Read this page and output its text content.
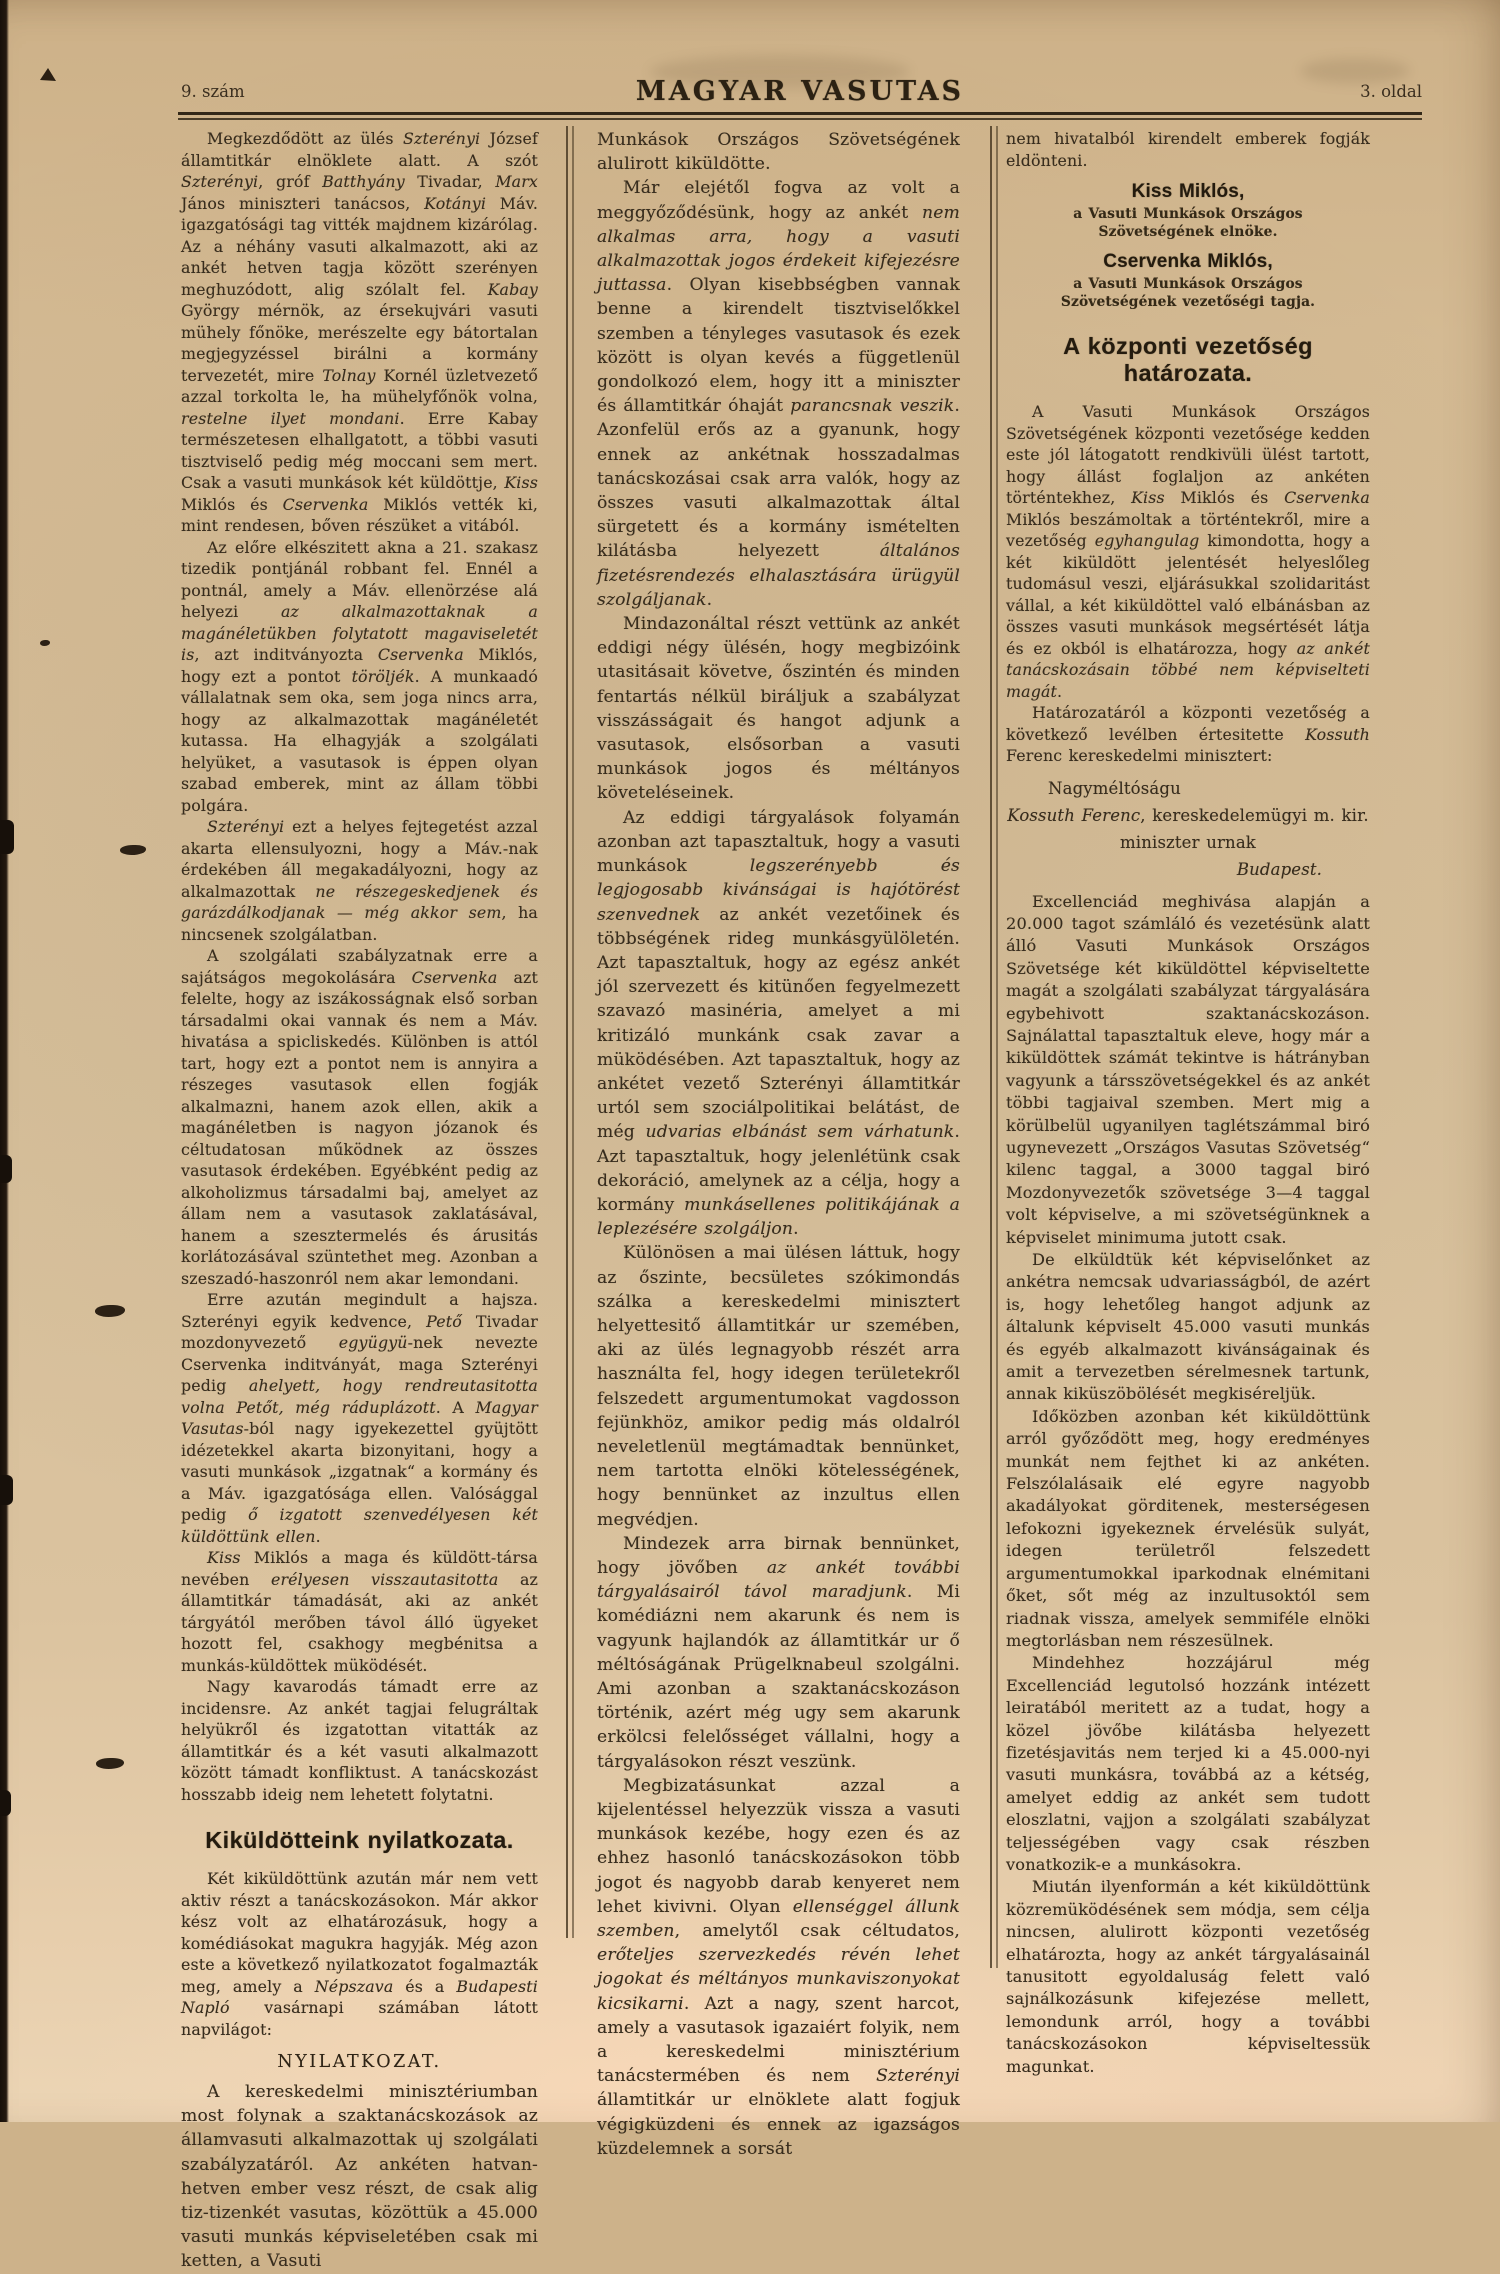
9. szám	MAGYAR VASUTAS	3. oldal

Megkezdődött az ülés Szterényi József államtitkár elnöklete alatt. A szót Szterényi, gróf Batthyány Tivadar, Marx János miniszteri tanácsos, Kotányi Máv. igazgatósági tag vitték majdnem kizárólag. Az a néhány vasuti alkalmazott, aki az ankét hetven tagja között szerényen meghuzódott, alig szólalt fel. Kabay György mérnök, az érsekujvári vasuti mühely főnöke, merészelte egy bátortalan megjegyzéssel birálni a kormány tervezetét, mire Tolnay Kornél üzletvezető azzal torkolta le, ha mühelyfőnök volna, restelne ilyet mondani. Erre Kabay természetesen elhallgatott, a többi vasuti tisztviselő pedig még moccani sem mert. Csak a vasuti munkások két küldöttje, Kiss Miklós és Cservenka Miklós vették ki, mint rendesen, bőven részüket a vitából.

Az előre elkészitett akna a 21. szakasz tizedik pontjánál robbant fel. Ennél a pontnál, amely a Máv. ellenörzése alá helyezi az alkalmazottaknak a magánéletükben folytatott magaviseletét is, azt inditványozta Cservenka Miklós, hogy ezt a pontot töröljék. A munkaadó vállalatnak sem oka, sem joga nincs arra, hogy az alkalmazottak magánéletét kutassa. Ha elhagyják a szolgálati helyüket, a vasutasok is éppen olyan szabad emberek, mint az állam többi polgára.

Szterényi ezt a helyes fejtegetést azzal akarta ellensulyozni, hogy a Máv.-nak érdekében áll megakadályozni, hogy az alkalmazottak ne részegeskedjenek és garázdálkodjanak — még akkor sem, ha nincsenek szolgálatban.

A szolgálati szabályzatnak erre a sajátságos megokolására Cservenka azt felelte, hogy az iszákosságnak első sorban társadalmi okai vannak és nem a Máv. hivatása a spicliskedés. Különben is attól tart, hogy ezt a pontot nem is annyira a részeges vasutasok ellen fogják alkalmazni, hanem azok ellen, akik a magánéletben is nagyon józanok és céltudatosan működnek az összes vasutasok érdekében. Egyébként pedig az alkoholizmus társadalmi baj, amelyet az állam nem a vasutasok zaklatásával, hanem a szesztermelés és árusitás korlátozásával szüntethet meg. Azonban a szeszadó-haszonról nem akar lemondani.

Erre azután megindult a hajsza. Szterényi egyik kedvence, Pető Tivadar mozdonyvezető együgyü-nek nevezte Cservenka inditványát, maga Szterényi pedig ahelyett, hogy rendreutasitotta volna Petőt, még ráduplázott. A Magyar Vasutas-ból nagy igyekezettel gyüjtött idézetekkel akarta bizonyitani, hogy a vasuti munkások „izgatnak“ a kormány és a Máv. igazgatósága ellen. Valósággal pedig ő izgatott szenvedélyesen két küldöttünk ellen.

Kiss Miklós a maga és küldött-társa nevében erélyesen visszautasitotta az államtitkár támadását, aki az ankét tárgyától merőben távol álló ügyeket hozott fel, csakhogy megbénitsa a munkás-küldöttek müködését.

Nagy kavarodás támadt erre az incidensre. Az ankét tagjai felugráltak helyükről és izgatottan vitatták az államtitkár és a két vasuti alkalmazott között támadt konfliktust. A tanácskozást hosszabb ideig nem lehetett folytatni.

Kiküldötteink nyilatkozata.

Két kiküldöttünk azután már nem vett aktiv részt a tanácskozásokon. Már akkor kész volt az elhatározásuk, hogy a komédiásokat magukra hagyják. Még azon este a következő nyilatkozatot fogalmazták meg, amely a Népszava és a Budapesti Napló vasárnapi számában látott napvilágot:

NYILATKOZAT.

A kereskedelmi minisztériumban most folynak a szaktanácskozások az államvasuti alkalmazottak uj szolgálati szabályzatáról. Az ankéten hatvan-hetven ember vesz részt, de csak alig tiz-tizenkét vasutas, közöttük a 45.000 vasuti munkás képviseletében csak mi ketten, a Vasuti

Munkások Országos Szövetségének alulirott kiküldötte.

Már elejétől fogva az volt a meggyőződésünk, hogy az ankét nem alkalmas arra, hogy a vasuti alkalmazottak jogos érdekeit kifejezésre juttassa. Olyan kisebbségben vannak benne a kirendelt tisztviselőkkel szemben a tényleges vasutasok és ezek között is olyan kevés a függetlenül gondolkozó elem, hogy itt a miniszter és államtitkár óhaját parancsnak veszik. Azonfelül erős az a gyanunk, hogy ennek az ankétnak hosszadalmas tanácskozásai csak arra valók, hogy az összes vasuti alkalmazottak által sürgetett és a kormány ismételten kilátásba helyezett általános fizetésrendezés elhalasztására ürügyül szolgáljanak.

Mindazonáltal részt vettünk az ankét eddigi négy ülésén, hogy megbizóink utasitásait követve, őszintén és minden fentartás nélkül biráljuk a szabályzat visszásságait és hangot adjunk a vasutasok, elsősorban a vasuti munkások jogos és méltányos követeléseinek.

Az eddigi tárgyalások folyamán azonban azt tapasztaltuk, hogy a vasuti munkások legszerényebb és legjogosabb kivánságai is hajótörést szenvednek az ankét vezetőinek és többségének rideg munkásgyülöletén. Azt tapasztaltuk, hogy az egész ankét jól szervezett és kitünően fegyelmezett szavazó masinéria, amelyet a mi kritizáló munkánk csak zavar a müködésében. Azt tapasztaltuk, hogy az ankétet vezető Szterényi államtitkár urtól sem szociálpolitikai belátást, de még udvarias elbánást sem várhatunk. Azt tapasztaltuk, hogy jelenlétünk csak dekoráció, amelynek az a célja, hogy a kormány munkásellenes politikájának a leplezésére szolgáljon.

Különösen a mai ülésen láttuk, hogy az őszinte, becsületes szókimondás szálka a kereskedelmi minisztert helyettesitő államtitkár ur szemében, aki az ülés legnagyobb részét arra használta fel, hogy idegen területekről felszedett argumentumokat vagdosson fejünkhöz, amikor pedig más oldalról neveletlenül megtámadtak bennünket, nem tartotta elnöki kötelességének, hogy bennünket az inzultus ellen megvédjen.

Mindezek arra birnak bennünket, hogy jövőben az ankét további tárgyalásairól távol maradjunk. Mi komédiázni nem akarunk és nem is vagyunk hajlandók az államtitkár ur ő méltóságának Prügelknabeul szolgálni. Ami azonban a szaktanácskozáson történik, azért még ugy sem akarunk erkölcsi felelősséget vállalni, hogy a tárgyalásokon részt veszünk.

Megbizatásunkat azzal a kijelentéssel helyezzük vissza a vasuti munkások kezébe, hogy ezen és az ehhez hasonló tanácskozásokon több jogot és nagyobb darab kenyeret nem lehet kivivni. Olyan ellenséggel állunk szemben, amelytől csak céltudatos, erőteljes szervezkedés révén lehet jogokat és méltányos munkaviszonyokat kicsikarni. Azt a nagy, szent harcot, amely a vasutasok igazaiért folyik, nem a kereskedelmi minisztérium tanácstermében és nem Szterényi államtitkár ur elnöklete alatt fogjuk végigküzdeni és ennek az igazságos küzdelemnek a sorsát

nem hivatalból kirendelt emberek fogják eldönteni.

Kiss Miklós,

a Vasuti Munkások Országos Szövetségének elnöke.

Cservenka Miklós,

a Vasuti Munkások Országos Szövetségének vezetőségi tagja.

A központi vezetőség határozata.

A Vasuti Munkások Országos Szövetségének központi vezetősége kedden este jól látogatott rendkivüli ülést tartott, hogy állást foglaljon az ankéten történtekhez, Kiss Miklós és Cservenka Miklós beszámoltak a történtekről, mire a vezetőség egyhangulag kimondotta, hogy a két kiküldött jelentését helyeslőleg tudomásul veszi, eljárásukkal szolidaritást vállal, a két kiküldöttel való elbánásban az összes vasuti munkások megsértését látja és ez okból is elhatározza, hogy az ankét tanácskozásain többé nem képviselteti magát.

Határozatáról a központi vezetőség a következő levélben értesitette Kossuth Ferenc kereskedelmi minisztert:

Nagyméltóságu

Kossuth Ferenc, kereskedelemügyi m. kir.

miniszter urnak

Budapest.

Excellenciád meghivása alapján a 20.000 tagot számláló és vezetésünk alatt álló Vasuti Munkások Országos Szövetsége két kiküldöttel képviseltette magát a szolgálati szabályzat tárgyalására egybehivott szaktanácskozáson. Sajnálattal tapasztaltuk eleve, hogy már a kiküldöttek számát tekintve is hátrányban vagyunk a társszövetségekkel és az ankét többi tagjaival szemben. Mert mig a körülbelül ugyanilyen taglétszámmal biró ugynevezett „Országos Vasutas Szövetség“ kilenc taggal, a 3000 taggal biró Mozdonyvezetők szövetsége 3—4 taggal volt képviselve, a mi szövetségünknek a képviselet minimuma jutott csak.

De elküldtük két képviselőnket az ankétra nemcsak udvariasságból, de azért is, hogy lehetőleg hangot adjunk az általunk képviselt 45.000 vasuti munkás és egyéb alkalmazott kivánságainak és amit a tervezetben sérelmesnek tartunk, annak kiküszöbölését megkiséreljük.

Időközben azonban két kiküldöttünk arról győződött meg, hogy eredményes munkát nem fejthet ki az ankéten. Felszólalásaik elé egyre nagyobb akadályokat görditenek, mesterségesen lefokozni igyekeznek érvelésük sulyát, idegen területről felszedett argumentumokkal iparkodnak elnémitani őket, sőt még az inzultusoktól sem riadnak vissza, amelyek semmiféle elnöki megtorlásban nem részesülnek.

Mindehhez hozzájárul még Excellenciád legutolsó hozzánk intézett leiratából meritett az a tudat, hogy a közel jövőbe kilátásba helyezett fizetésjavitás nem terjed ki a 45.000-nyi vasuti munkásra, továbbá az a kétség, amelyet eddig az ankét sem tudott eloszlatni, vajjon a szolgálati szabályzat teljességében vagy csak részben vonatkozik-e a munkásokra.

Miután ilyenformán a két kiküldöttünk közremüködésének sem módja, sem célja nincsen, alulirott központi vezetőség elhatározta, hogy az ankét tárgyalásainál tanusitott egyoldaluság felett való sajnálkozásunk kifejezése mellett, lemondunk arról, hogy a további tanácskozásokon képviseltessük magunkat.
